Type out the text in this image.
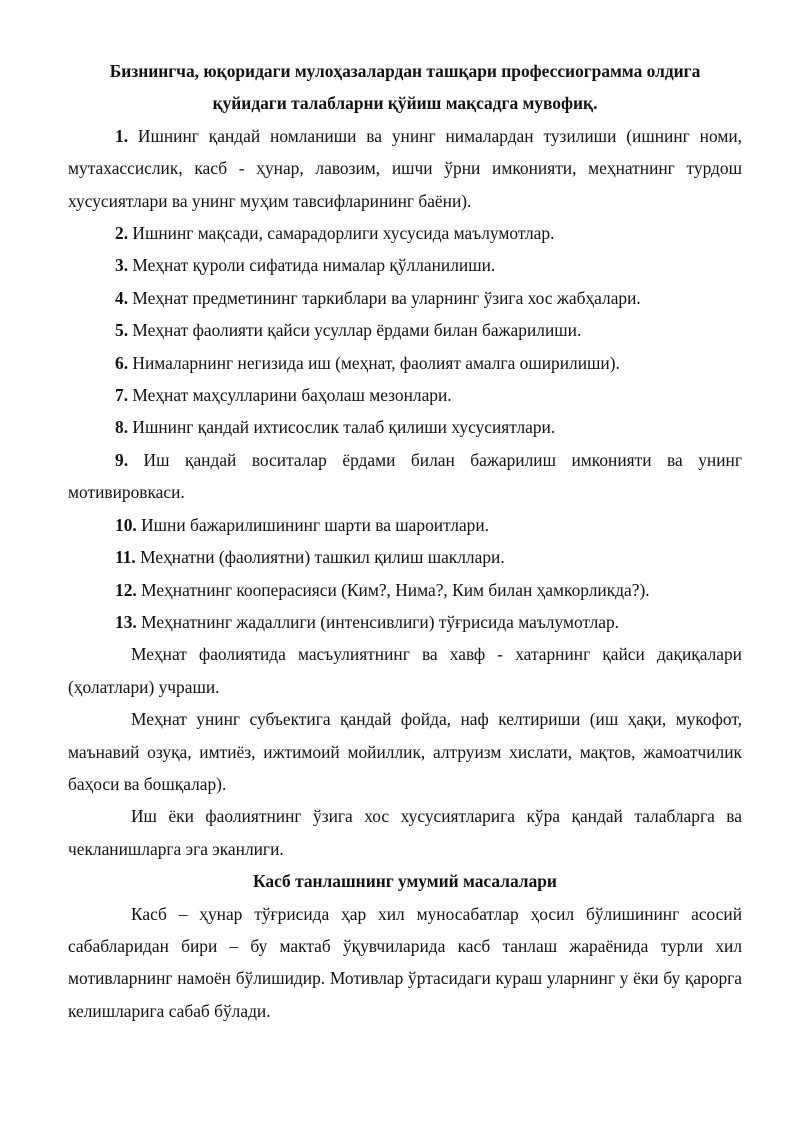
Бизнингча, юқоридаги мулоҳазалардан ташқари профессиограмма олдига
қуйидаги талабларни қўйиш мақсадга мувофиқ.

1. Ишнинг қандай номланиши ва унинг нималардан тузилиши (ишнинг номи, мутахассислик, касб - ҳунар, лавозим, ишчи ўрни имконияти, меҳнатнинг турдош хусусиятлари ва унинг муҳим тавсифларининг баёни).

2. Ишнинг мақсади, самарадорлиги хусусида маълумотлар.

3. Меҳнат қуроли сифатида нималар қўлланилиши.

4. Меҳнат предметининг таркиблари ва уларнинг ўзига хос жабҳалари.

5. Меҳнат фаолияти қайси усуллар ёрдами билан бажарилиши.

6. Нималарнинг негизида иш (меҳнат, фаолият амалга оширилиши).

7. Меҳнат маҳсулларини баҳолаш мезонлари.

8. Ишнинг қандай ихтисослик талаб қилиши хусусиятлари.

9. Иш қандай воситалар ёрдами билан бажарилиш имконияти ва унинг мотивировкаси.

10. Ишни бажарилишининг шарти ва шароитлари.

11. Меҳнатни (фаолиятни) ташкил қилиш шакллари.

12. Меҳнатнинг кооперасияси (Ким?, Нима?, Ким билан ҳамкорликда?).

13. Меҳнатнинг жадаллиги (интенсивлиги) тўғрисида маълумотлар.

Меҳнат фаолиятида масъулиятнинг ва хавф - хатарнинг қайси дақиқалари (ҳолатлари) учраши.

Меҳнат унинг субъектига қандай фойда, наф келтириши (иш ҳақи, мукофот, маънавий озуқа, имтиёз, ижтимоий мойиллик, алтруизм хислати, мақтов, жамоатчилик баҳоси ва бошқалар).

Иш ёки фаолиятнинг ўзига хос хусусиятларига кўра қандай талабларга ва чекланишларга эга эканлиги.

Касб танлашнинг умумий масалалари

Касб – ҳунар тўғрисида ҳар хил муносабатлар ҳосил бўлишининг асосий сабабларидан бири – бу мактаб ўқувчиларида касб танлаш жараёнида турли хил мотивларнинг намоён бўлишидир. Мотивлар ўртасидаги кураш уларнинг у ёки бу қарорга келишларига сабаб бўлади.
